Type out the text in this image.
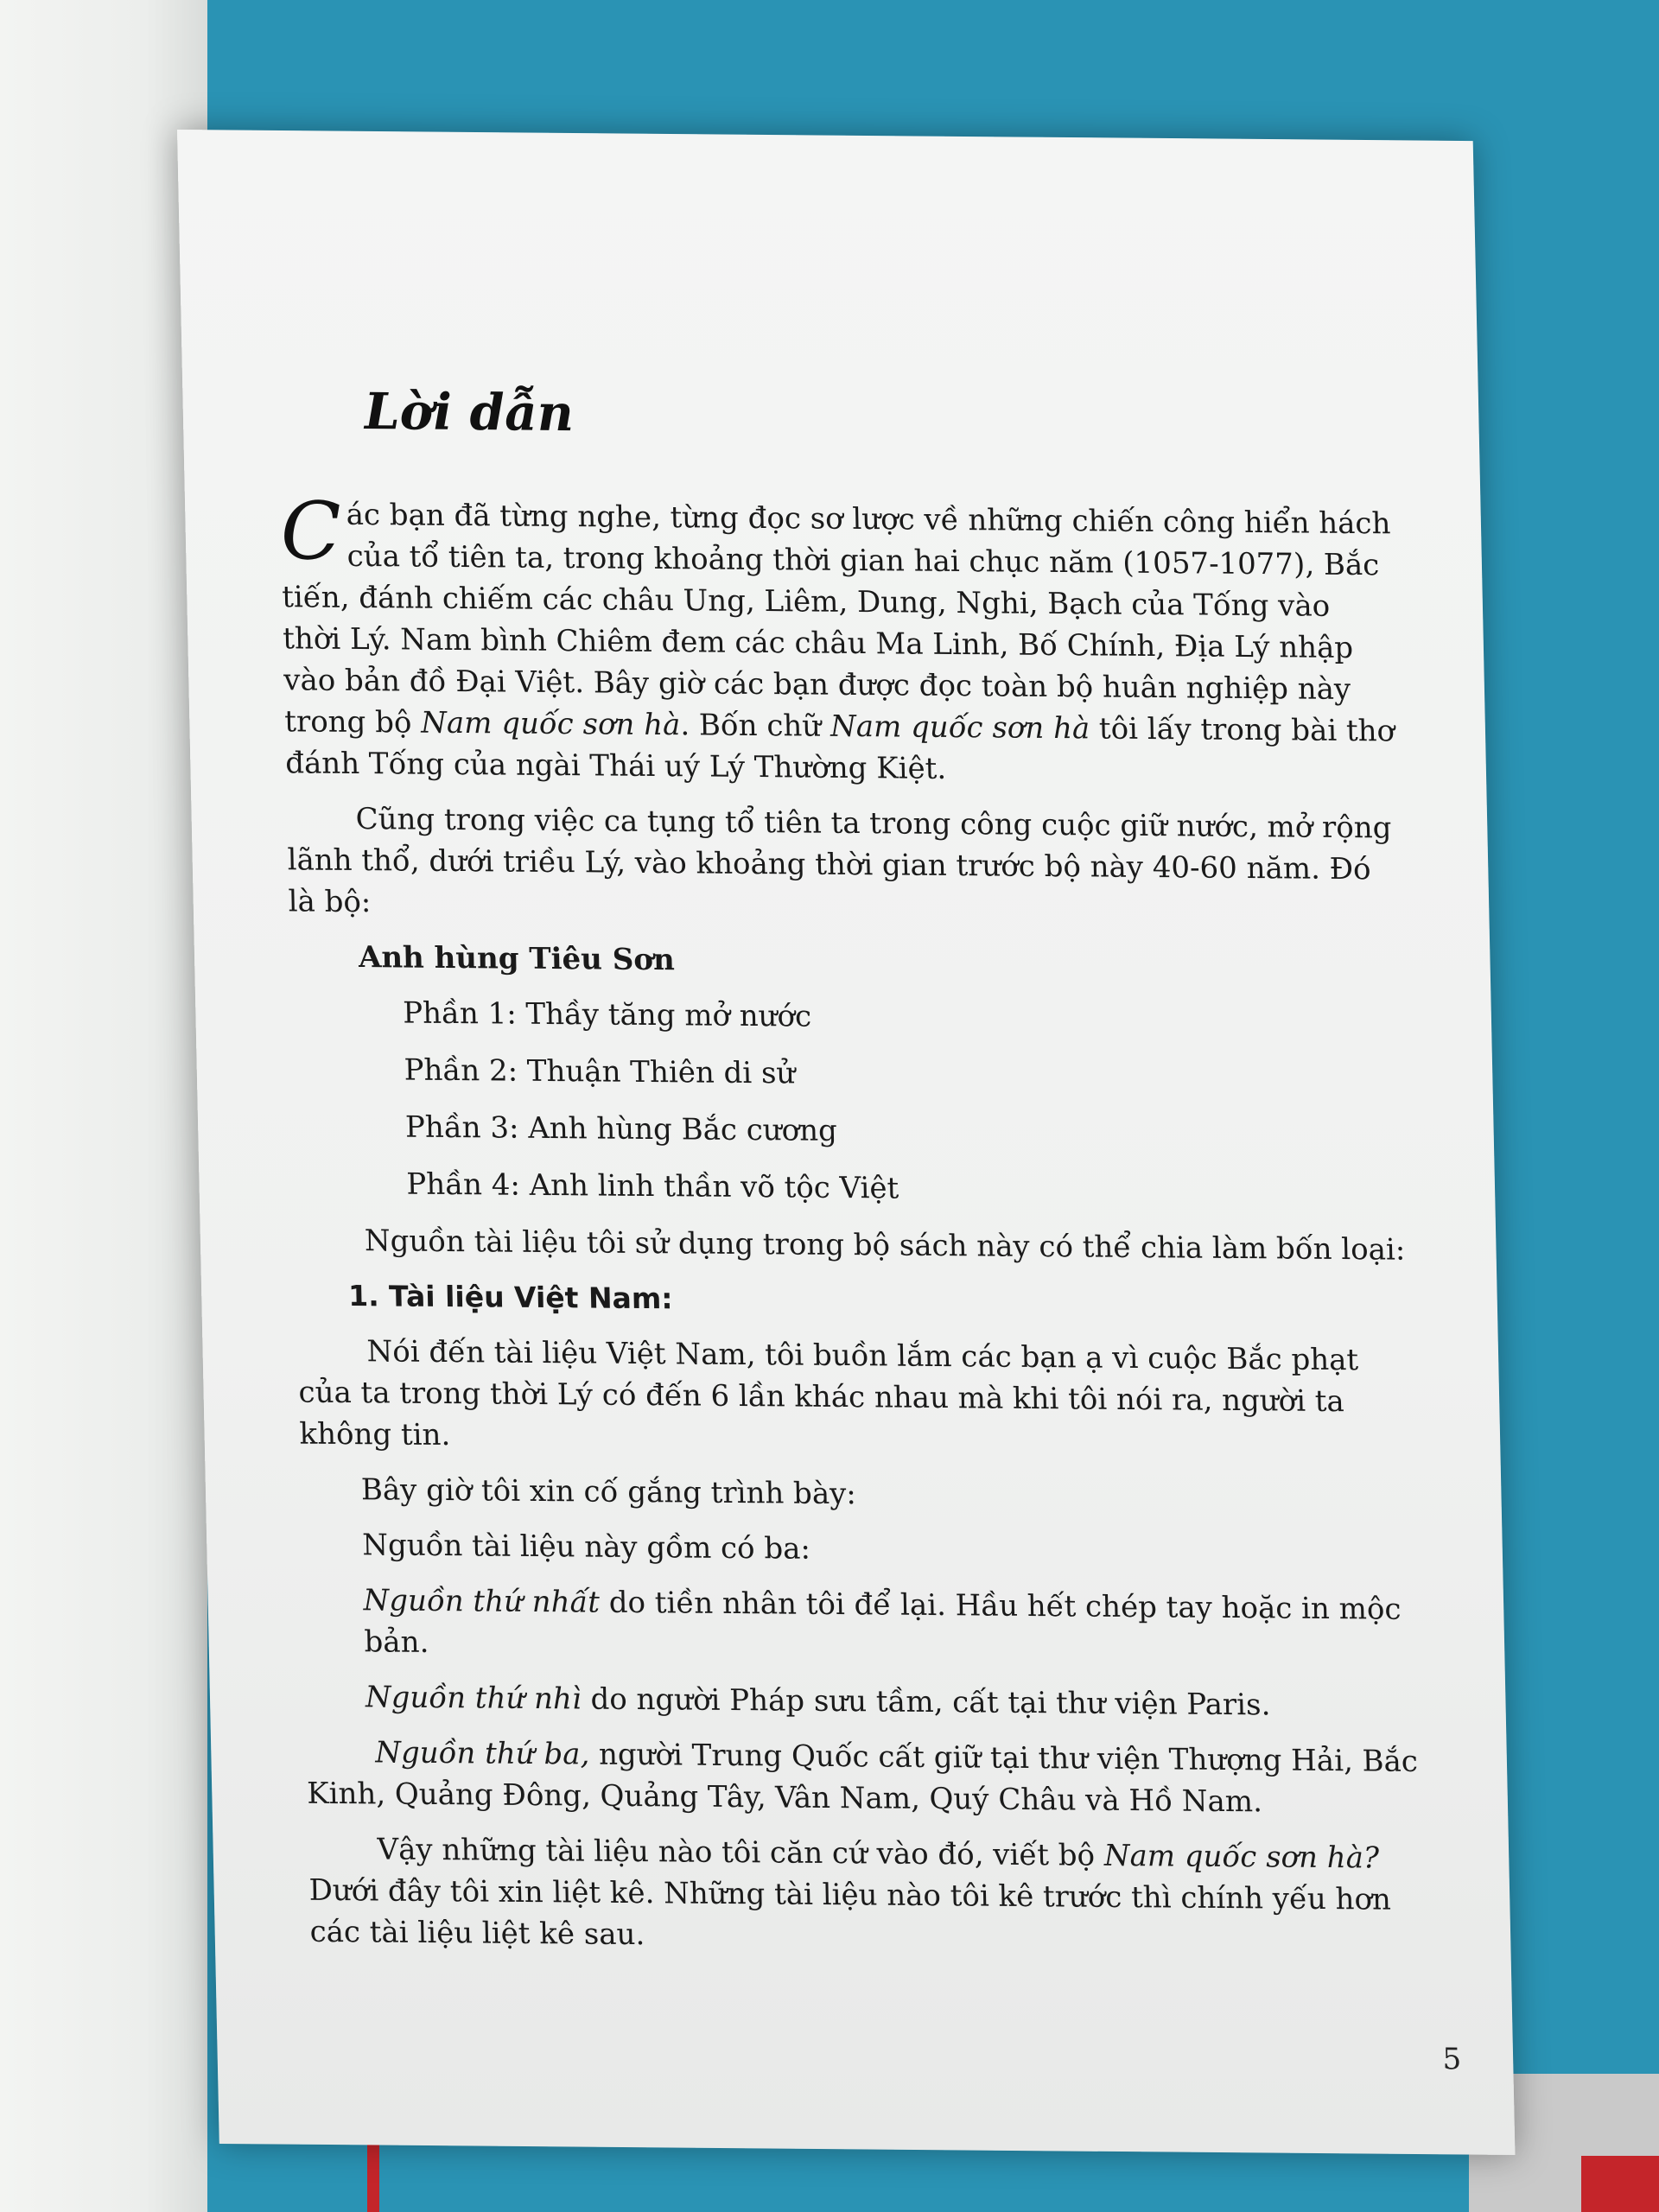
Lời dẫn

C ác bạn đã từng nghe, từng đọc sơ lược về những chiến công hiển hách của tổ tiên ta, trong khoảng thời gian hai chục năm (1057-1077), Bắc tiến, đánh chiếm các châu Ung, Liêm, Dung, Nghi, Bạch của Tống vào thời Lý. Nam bình Chiêm đem các châu Ma Linh, Bố Chính, Địa Lý nhập vào bản đồ Đại Việt. Bây giờ các bạn được đọc toàn bộ huân nghiệp này trong bộ Nam quốc sơn hà. Bốn chữ Nam quốc sơn hà tôi lấy trong bài thơ đánh Tống của ngài Thái uý Lý Thường Kiệt.

Cũng trong việc ca tụng tổ tiên ta trong công cuộc giữ nước, mở rộng lãnh thổ, dưới triều Lý, vào khoảng thời gian trước bộ này 40-60 năm. Đó là bộ:

Anh hùng Tiêu Sơn

Phần 1: Thầy tăng mở nước

Phần 2: Thuận Thiên di sử

Phần 3: Anh hùng Bắc cương

Phần 4: Anh linh thần võ tộc Việt

Nguồn tài liệu tôi sử dụng trong bộ sách này có thể chia làm bốn loại:

1. Tài liệu Việt Nam:

Nói đến tài liệu Việt Nam, tôi buồn lắm các bạn ạ vì cuộc Bắc phạt của ta trong thời Lý có đến 6 lần khác nhau mà khi tôi nói ra, người ta không tin.

Bây giờ tôi xin cố gắng trình bày:

Nguồn tài liệu này gồm có ba:

Nguồn thứ nhất do tiền nhân tôi để lại. Hầu hết chép tay hoặc in mộc bản.

Nguồn thứ nhì do người Pháp sưu tầm, cất tại thư viện Paris.

Nguồn thứ ba, người Trung Quốc cất giữ tại thư viện Thượng Hải, Bắc Kinh, Quảng Đông, Quảng Tây, Vân Nam, Quý Châu và Hồ Nam.

Vậy những tài liệu nào tôi căn cứ vào đó, viết bộ Nam quốc sơn hà? Dưới đây tôi xin liệt kê. Những tài liệu nào tôi kê trước thì chính yếu hơn các tài liệu liệt kê sau.

5
